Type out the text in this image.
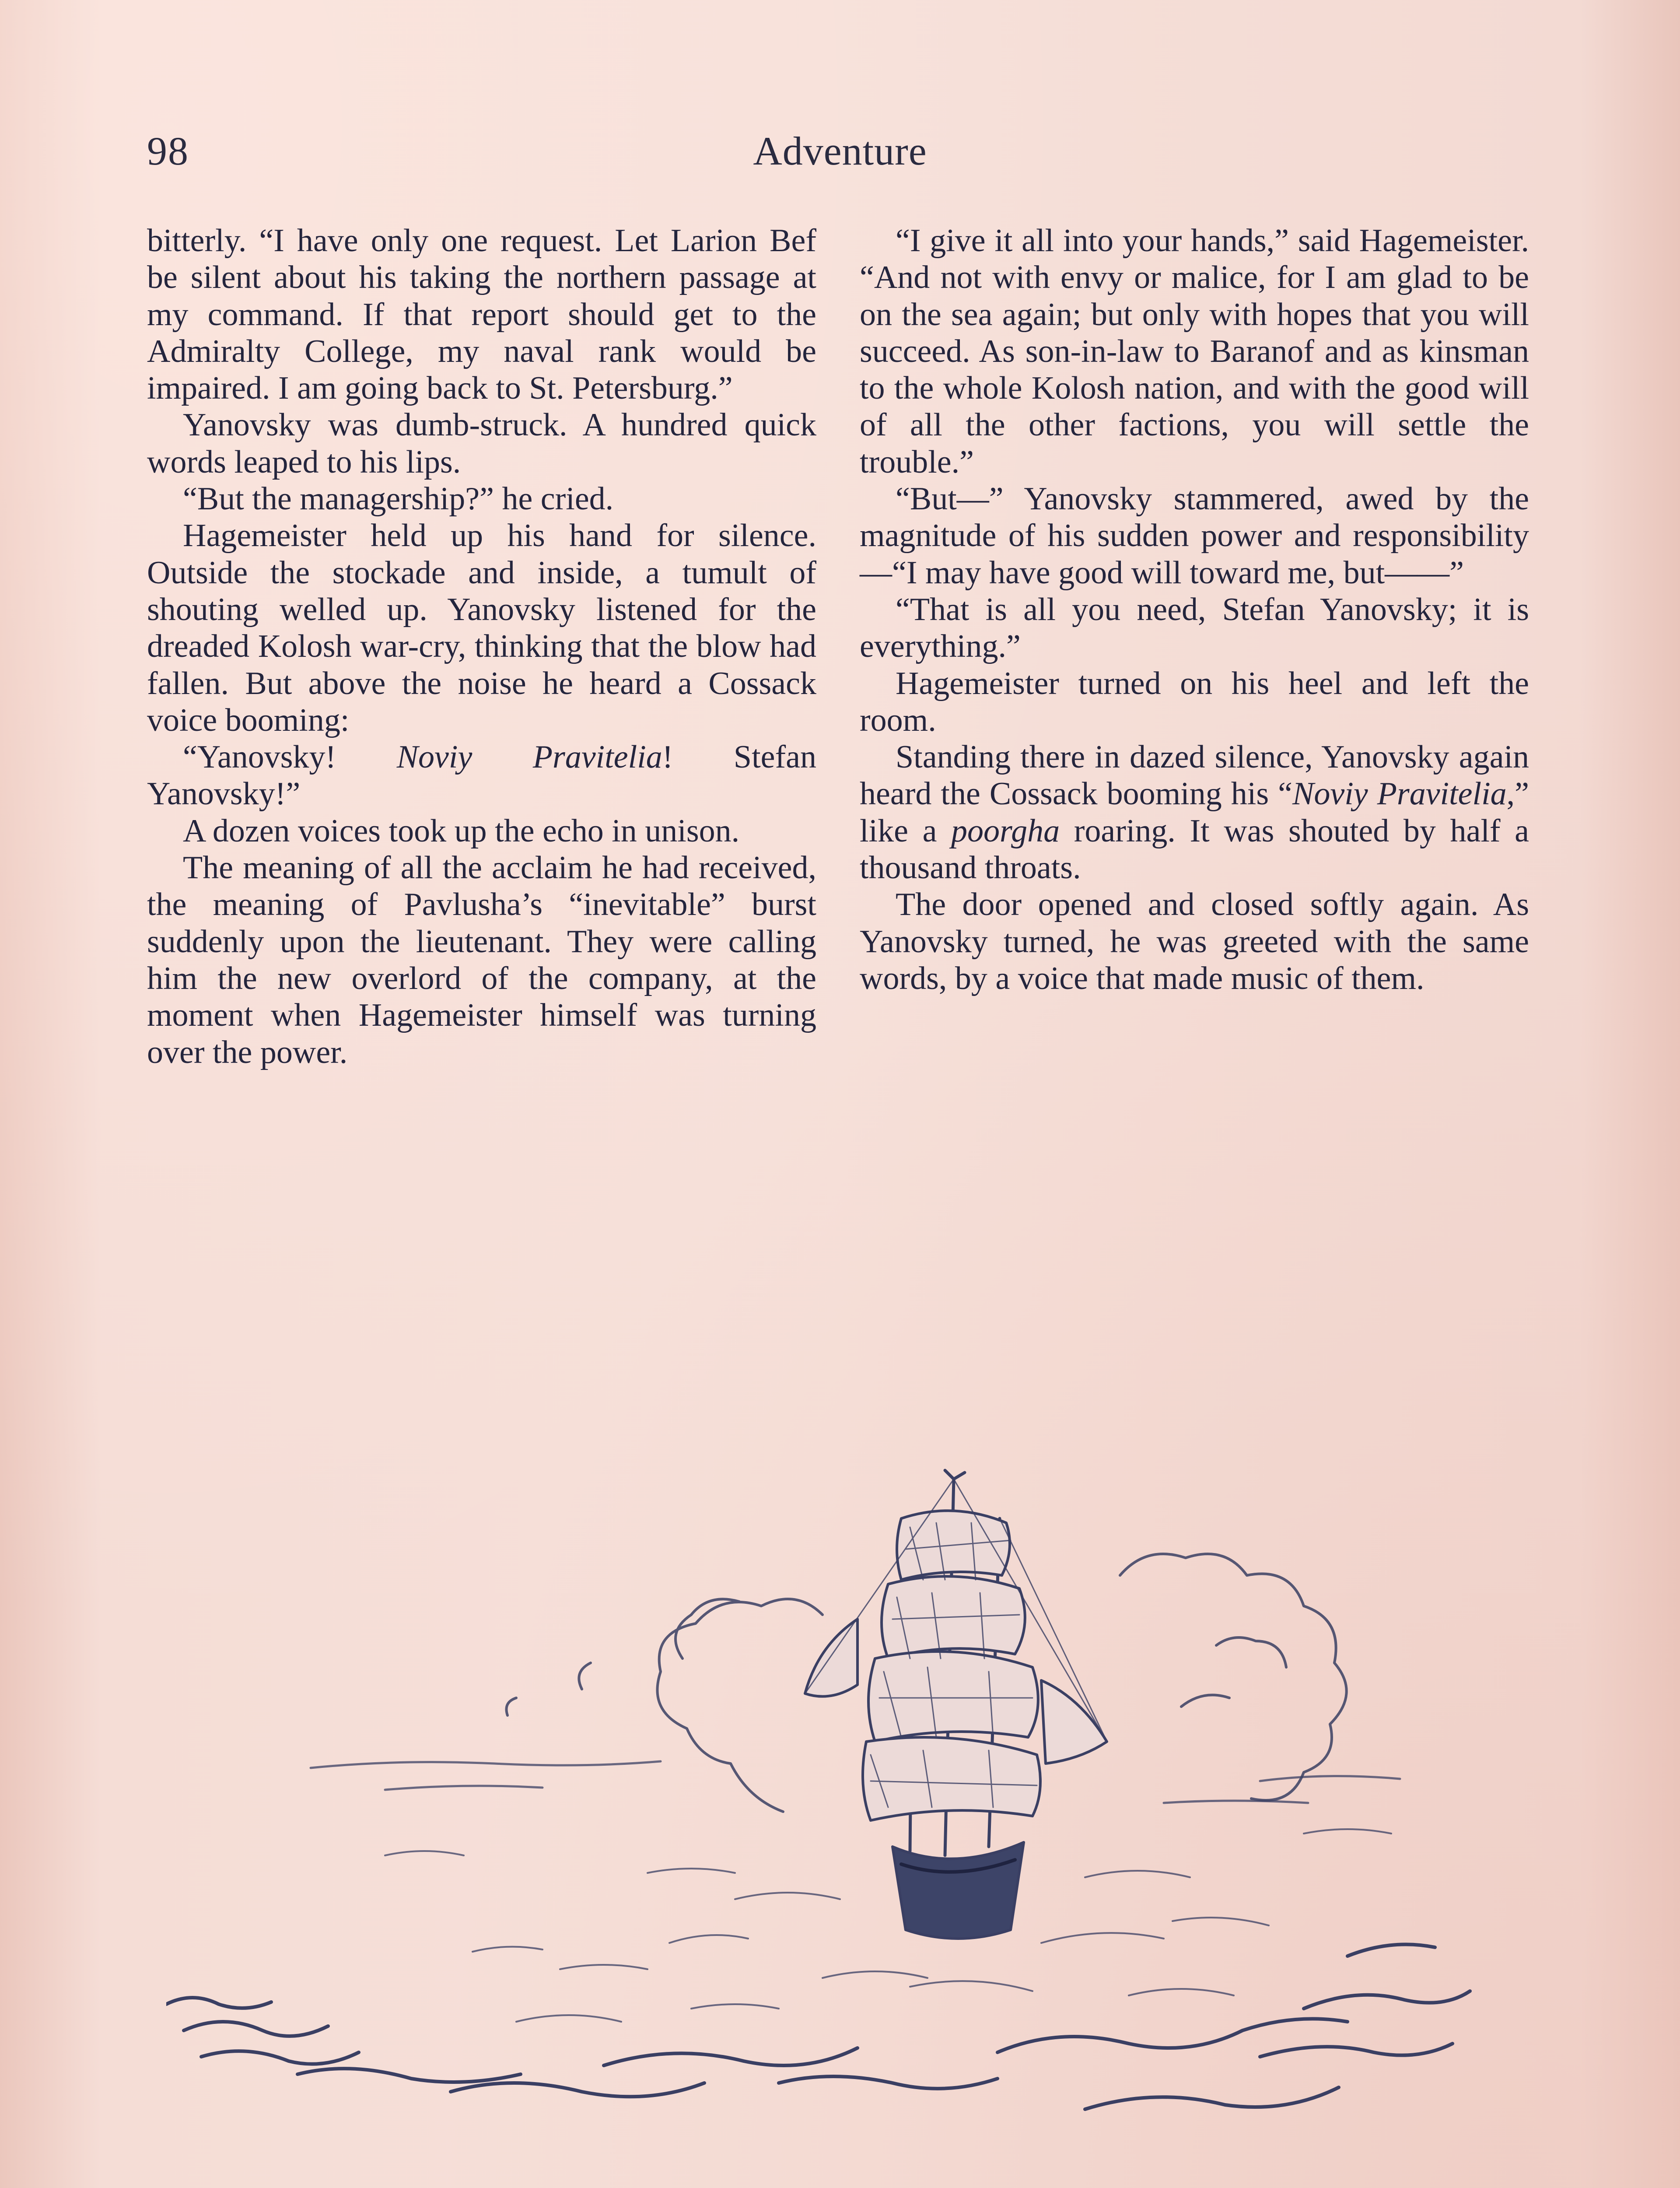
98	Adventure

bitterly. “I have only one request. Let Larion Bef be silent about his taking the northern passage at my command. If that report should get to the Admiralty College, my naval rank would be impaired. I am going back to St. Petersburg.”

Yanovsky was dumb-struck. A hundred quick words leaped to his lips.

“But the managership?” he cried.

Hagemeister held up his hand for silence. Outside the stockade and inside, a tumult of shouting welled up. Yanovsky listened for the dreaded Kolosh war-cry, thinking that the blow had fallen. But above the noise he heard a Cossack voice booming:

“Yanovsky! Noviy Pravitelia! Stefan Yanovsky!”

A dozen voices took up the echo in unison.

The meaning of all the acclaim he had received, the meaning of Pavlusha’s “inevitable” burst suddenly upon the lieutenant. They were calling him the new overlord of the company, at the moment when Hagemeister himself was turning over the power.

“I give it all into your hands,” said Hagemeister. “And not with envy or malice, for I am glad to be on the sea again; but only with hopes that you will succeed. As son-in-law to Baranof and as kinsman to the whole Kolosh nation, and with the good will of all the other factions, you will settle the trouble.”

“But—” Yanovsky stammered, awed by the magnitude of his sudden power and responsibility—“I may have good will toward me, but——”

“That is all you need, Stefan Yanovsky; it is everything.”

Hagemeister turned on his heel and left the room.

Standing there in dazed silence, Yanovsky again heard the Cossack booming his “Noviy Pravitelia,” like a poorgha roaring. It was shouted by half a thousand throats.

The door opened and closed softly again. As Yanovsky turned, he was greeted with the same words, by a voice that made music of them.
